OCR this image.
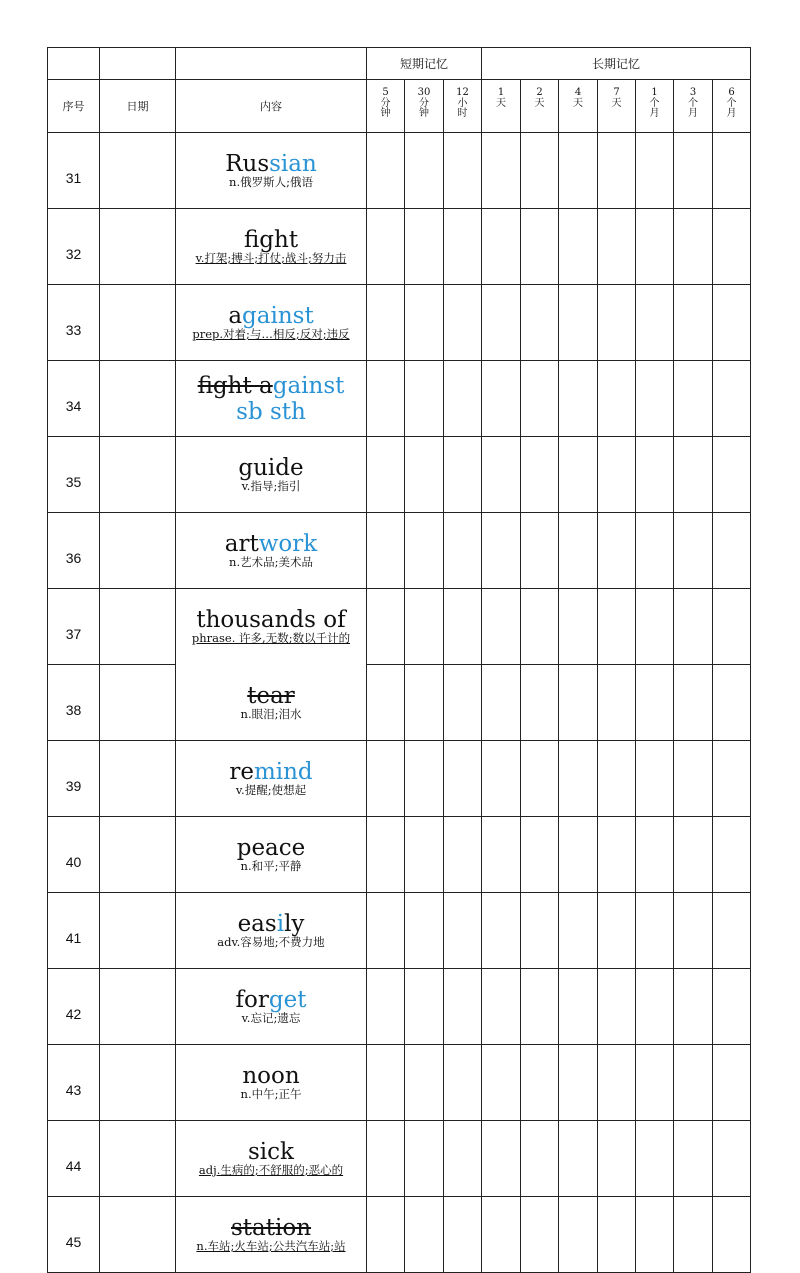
			短期记忆			长期记忆						
序号	日期	内容	5分钟	30分钟	12小时	1天	2天	4天	7天	1个月	3个月	6个月
31		Russian
n.俄罗斯人;俄语										

32		fight
v.打架;搏斗;打仗;战斗;努力击										

33		against
prep.对着;与…相反;反对;违反										

34		fight against sb sth										

35		guide
v.指导;指引										

36		artwork
n.艺术品;美术品										

37		thousands of
phrase. 许多,无数;数以千计的										

38		tear
n.眼泪;泪水										

39		remind
v.提醒;使想起										

40		peace
n.和平;平静										

41		easily
adv.容易地;不费力地										

42		forget
v.忘记;遗忘										

43		noon
n.中午;正午										

44		sick
adj.生病的;不舒服的;恶心的										

45		station
n.车站;火车站;公共汽车站;站										
